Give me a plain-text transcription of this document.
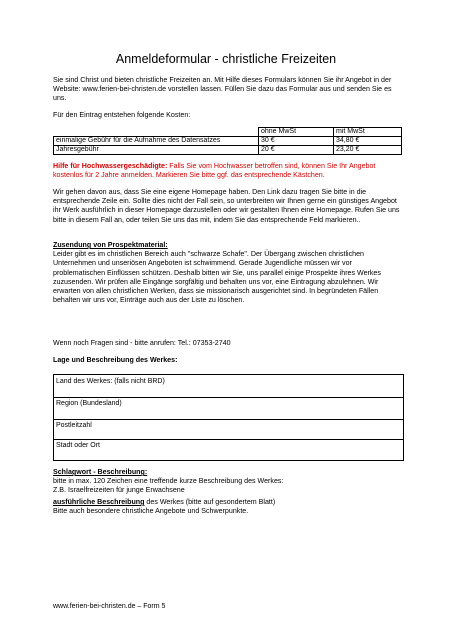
Anmeldeformular - christliche Freizeiten

Sie sind Christ und bieten christliche Freizeiten an. Mit Hilfe dieses Formulars können Sie ihr Angebot in der Website: www.ferien-bei-christen.de vorstellen lassen. Füllen Sie dazu das Formular aus und senden Sie es uns.

Für den Eintrag entstehen folgende Kosten:

	ohne MwSt	mit MwSt
einmalige Gebühr für die Aufnahme des Datensatzes	30 €	34,80 €
Jahresgebühr	20 €	23,20 €

Hilfe für Hochwassergeschädigte: Falls Sie vom Hochwasser betroffen sind, können Sie Ihr Angebot kostenlos für 2 Jahre anmelden. Markieren Sie bitte ggf. das entsprechende Kästchen.

Wir gehen davon aus, dass Sie eine eigene Homepage haben. Den Link dazu tragen Sie bitte in die entsprechende Zeile ein. Sollte dies nicht der Fall sein, so unterbreiten wir Ihnen gerne ein günstiges Angebot ihr Werk ausführlich in dieser Homepage darzustellen oder wir gestalten Ihnen eine Homepage. Rufen Sie uns bitte in diesem Fall an, oder teilen Sie uns das mit, indem Sie das entsprechende Feld markieren..

Zusendung von Prospektmaterial:

Leider gibt es im christlichen Bereich auch "schwarze Schafe". Der Übergang zwischen christlichen Unternehmen und unseriösen Angeboten ist schwimmend. Gerade Jugendliche müssen wir vor problematischen Einflüssen schützen. Deshalb bitten wir Sie, uns parallel einige Prospekte ihres Werkes zuzusenden. Wir prüfen alle Eingänge sorgfältig und behalten uns vor, eine Eintragung abzulehnen. Wir erwarten von allen christlichen Werken, dass sie missionarisch ausgerichtet sind. In begründeten Fällen behalten wir uns vor, Einträge auch aus der Liste zu löschen.

Wenn noch Fragen sind - bitte anrufen: Tel.: 07353-2740

Lage und Beschreibung des Werkes:

Land des Werkes: (falls nicht BRD)
Region (Bundesland)
Postleitzahl
Stadt oder Ort

Schlagwort - Beschreibung:

bitte in max. 120 Zeichen eine treffende kurze Beschreibung des Werkes:

Z.B. Israelfreizeiten für junge Erwachsene

ausführliche Beschreibung des Werkes (bitte auf gesondertem Blatt)

Bitte auch besondere christliche Angebote und Schwerpunkte.

www.ferien-bei-christen.de – Form 5
